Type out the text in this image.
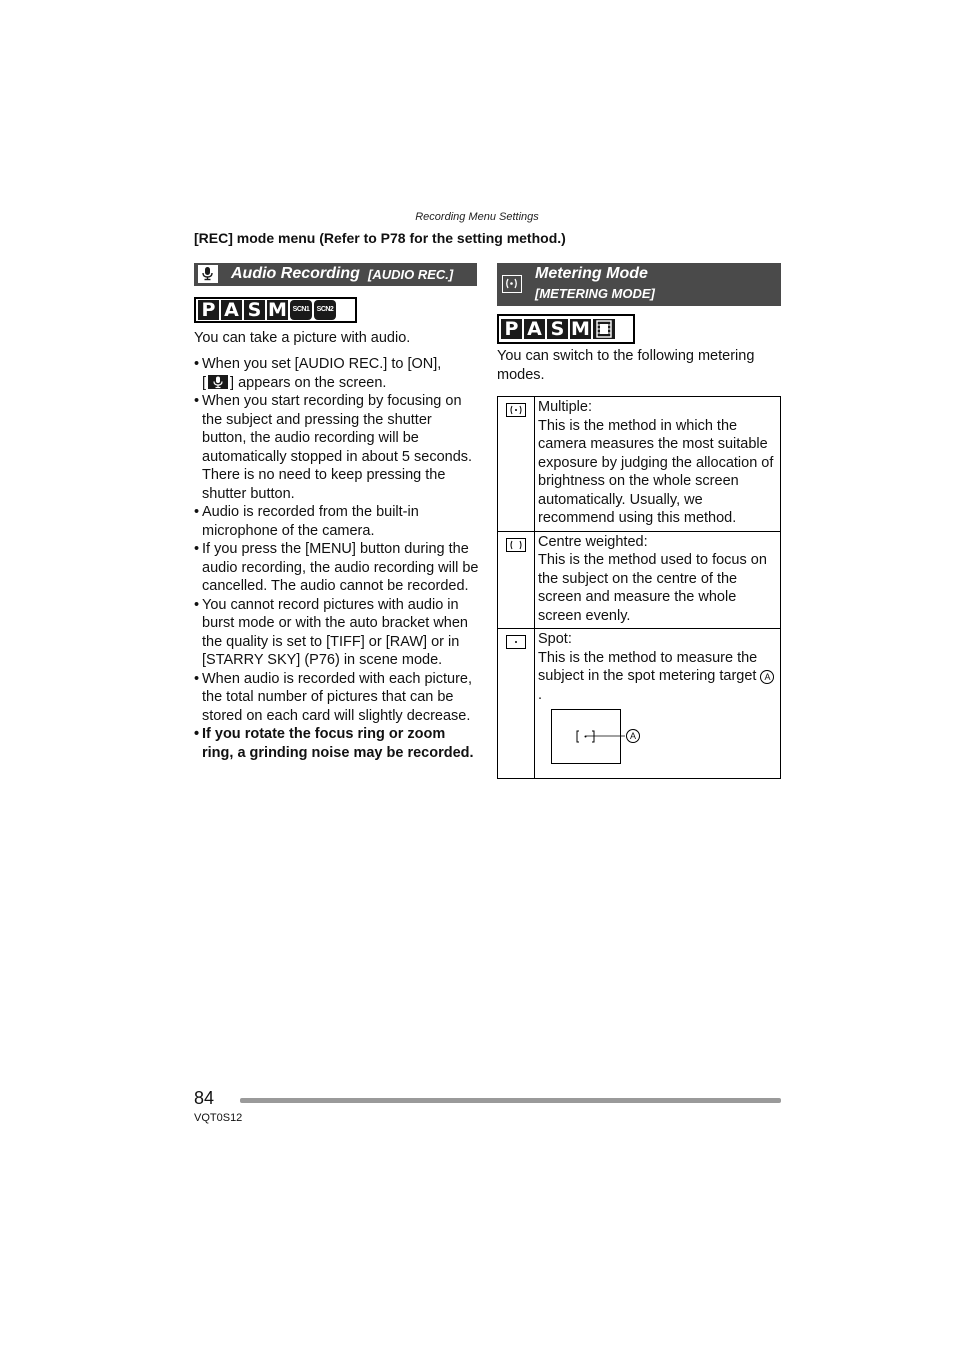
Recording Menu Settings
[REC] mode menu (Refer to P78 for the setting method.)
Audio Recording [AUDIO REC.]
P A S M SCN1	SCN2
You can take a picture with audio.
• When you set [AUDIO REC.] to [ON],
[ ] appears on the screen.
• When you start recording by focusing on the subject and pressing the shutter button, the audio recording will be automatically stopped in about 5 seconds. There is no need to keep pressing the shutter button.
• Audio is recorded from the built-in microphone of the camera.
• If you press the [MENU] button during the audio recording, the audio recording will be cancelled. The audio cannot be recorded.
• You cannot record pictures with audio in burst mode or with the auto bracket when the quality is set to [TIFF] or [RAW] or in [STARRY SKY] (P76) in scene mode.
• When audio is recorded with each picture, the total number of pictures that can be stored on each card will slightly decrease.
• If you rotate the focus ring or zoom ring, a grinding noise may be recorded.
Metering Mode
[METERING MODE]
P A S M
You can switch to the following metering modes.

Multiple:
This is the method in which the camera measures the most suitable exposure by judging the allocation of brightness on the whole screen automatically. Usually, we recommend using this method.

Centre weighted:
This is the method used to focus on the subject on the centre of the screen and measure the whole screen evenly.

Spot:
This is the method to measure the subject in the spot metering target A.
A
84
VQT0S12
